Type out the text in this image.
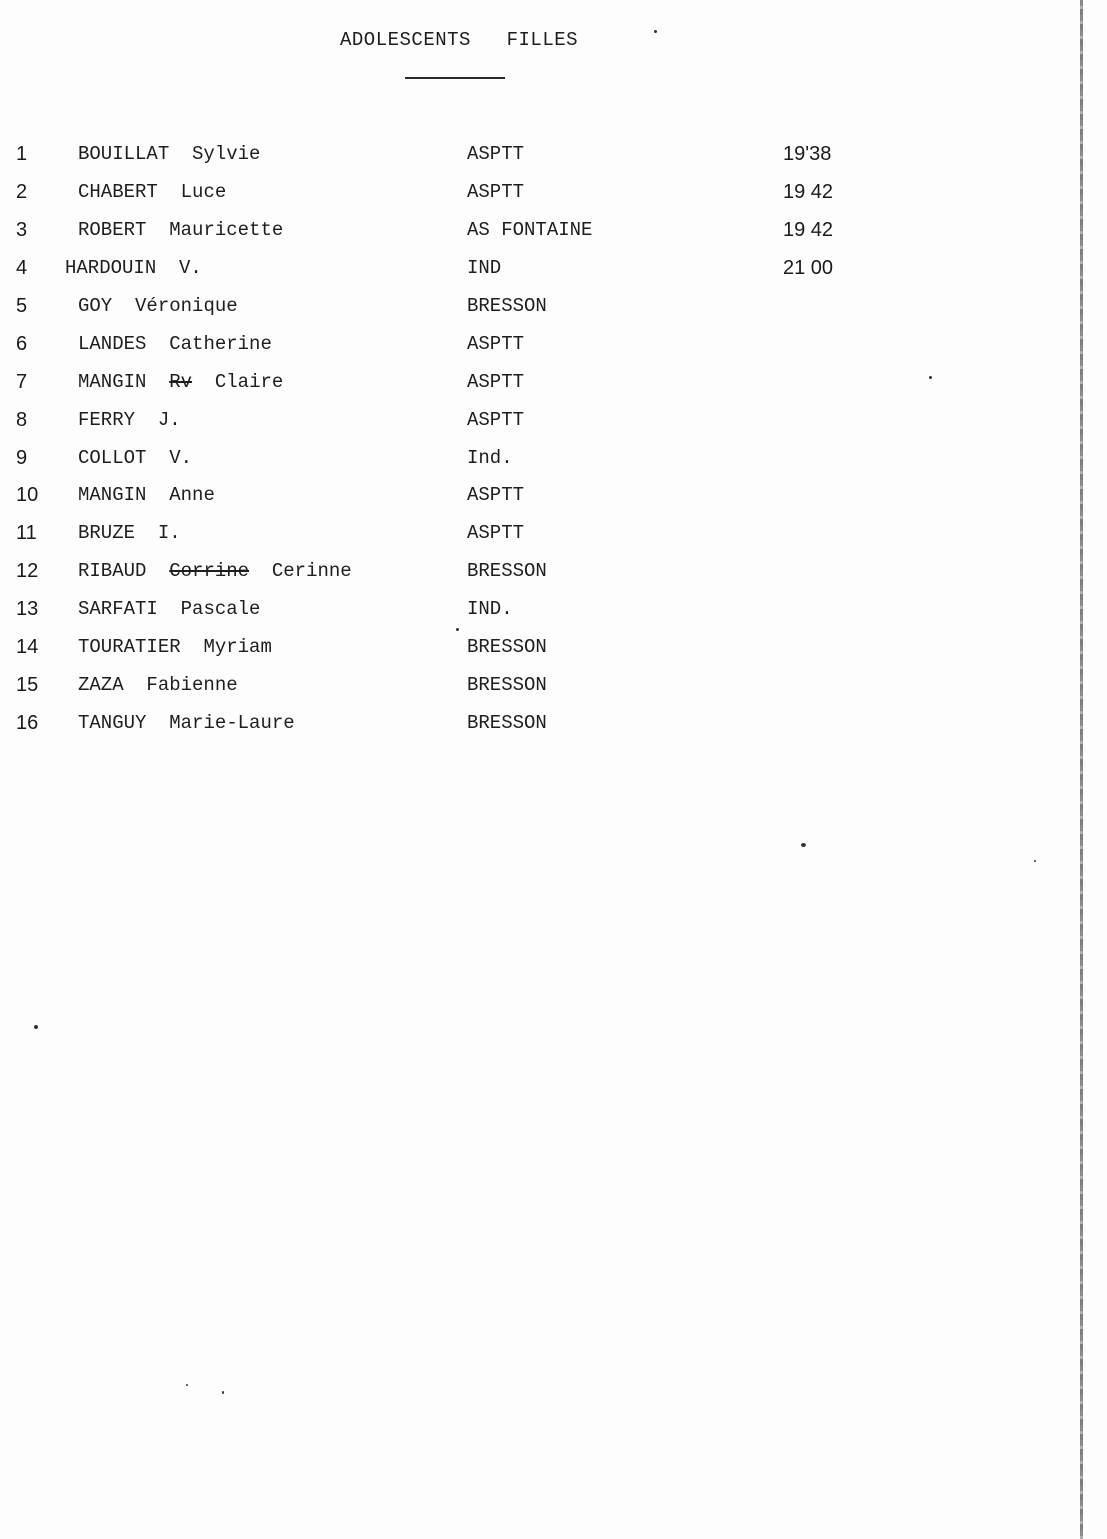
ADOLESCENTS   FILLES
1	BOUILLAT Sylvie	ASPTT	19'38
2	CHABERT Luce	ASPTT	19 42
3	ROBERT Mauricette	AS FONTAINE	19 42
4 HARDOUIN V.	IND	21 00
5	GOY Véronique	BRESSON
6	LANDES Catherine	ASPTT
7	MANGIN Rv Claire	ASPTT
8	FERRY J.	ASPTT
9	COLLOT V.	Ind.
10 MANGIN Anne	ASPTT
11 BRUZE I.	ASPTT
12 RIBAUD Corrine Cerinne	BRESSON
13 SARFATI Pascale	IND.
14 TOURATIER Myriam	BRESSON
15 ZAZA Fabienne	BRESSON
16 TANGUY Marie-Laure	BRESSON
